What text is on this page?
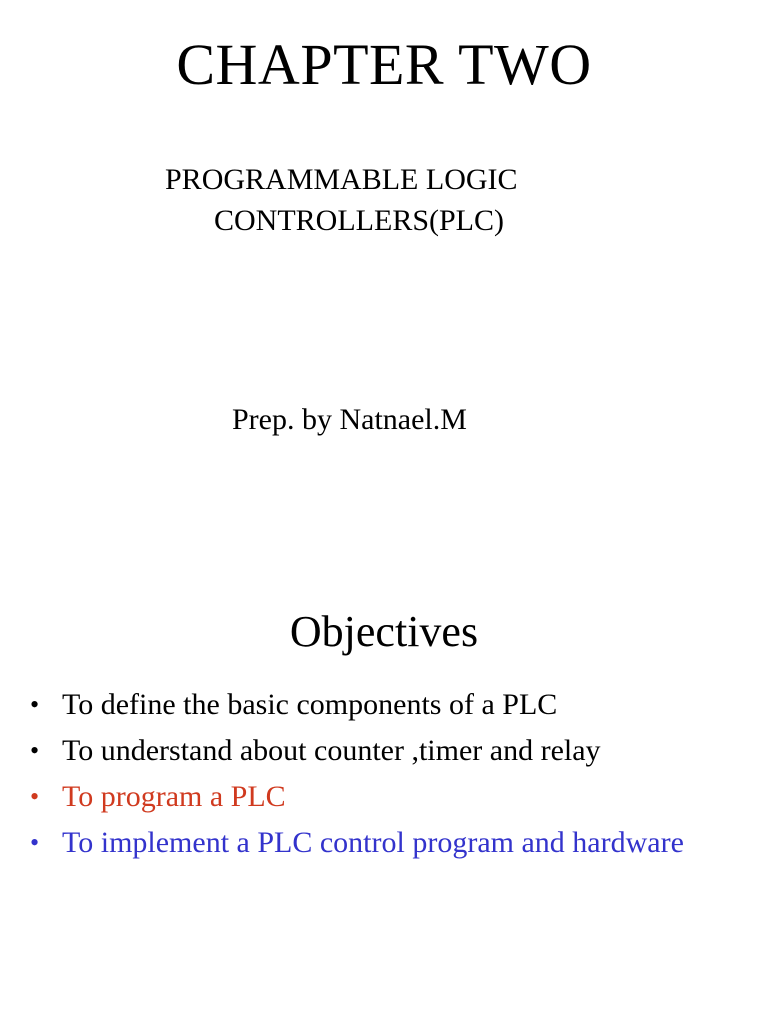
CHAPTER TWO
PROGRAMMABLE LOGIC
CONTROLLERS(PLC)
Prep. by Natnael.M
Objectives
• To define the basic components of a PLC
• To understand about counter ,timer and relay
• To program a PLC
• To implement a PLC control program and hardware
